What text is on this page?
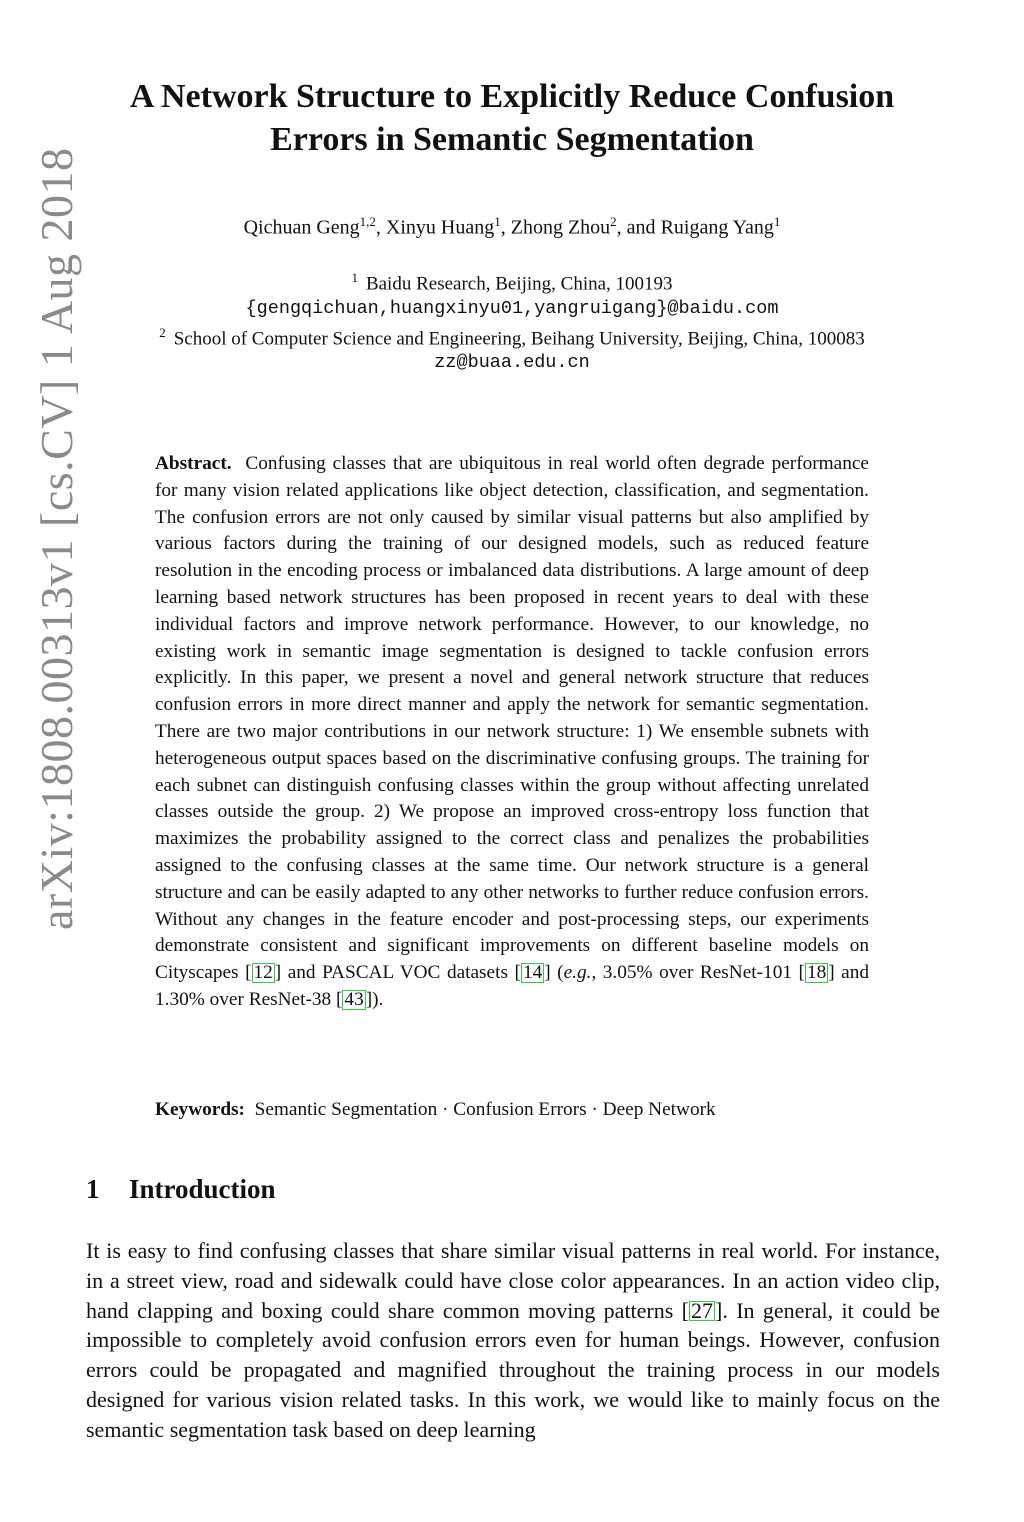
arXiv:1808.00313v1 [cs.CV] 1 Aug 2018
A Network Structure to Explicitly Reduce Confusion Errors in Semantic Segmentation

Qichuan Geng$^{1,2}$, Xinyu Huang$^1$, Zhong Zhou$^2$, and Ruigang Yang$^1$

$^1$ Baidu Research, Beijing, China, 100193

{gengqichuan,huangxinyu01,yangruigang}@baidu.com

$^2$ School of Computer Science and Engineering, Beihang University, Beijing, China, 100083

zz@buaa.edu.cn

Abstract. Confusing classes that are ubiquitous in real world often degrade performance for many vision related applications like object detection, classification, and segmentation. The confusion errors are not only caused by similar visual patterns but also amplified by various factors during the training of our designed models, such as reduced feature resolution in the encoding process or imbalanced data distributions. A large amount of deep learning based network structures has been proposed in recent years to deal with these individual factors and improve network performance. However, to our knowledge, no existing work in semantic image segmentation is designed to tackle confusion errors explicitly. In this paper, we present a novel and general network structure that reduces confusion errors in more direct manner and apply the network for semantic segmentation. There are two major contributions in our network structure: 1) We ensemble subnets with heterogeneous output spaces based on the discriminative confusing groups. The training for each subnet can distinguish confusing classes within the group without affecting unrelated classes outside the group. 2) We propose an improved cross-entropy loss function that maximizes the probability assigned to the correct class and penalizes the probabilities assigned to the confusing classes at the same time. Our network structure is a general structure and can be easily adapted to any other networks to further reduce confusion errors. Without any changes in the feature encoder and post-processing steps, our experiments demonstrate consistent and significant improvements on different baseline models on Cityscapes [ 12 ] and PASCAL VOC datasets [ 14 ] (e.g., 3.05% over ResNet-101 [ 18 ] and 1.30% over ResNet-38 [ 43 ]).

Keywords: Semantic Segmentation · Confusion Errors · Deep Network

1 Introduction

It is easy to find confusing classes that share similar visual patterns in real world. For instance, in a street view, road and sidewalk could have close color appearances. In an action video clip, hand clapping and boxing could share common moving patterns [27]. In general, it could be impossible to completely avoid confusion errors even for human beings. However, confusion errors could be propagated and magnified throughout the training process in our models designed for various vision related tasks. In this work, we would like to mainly focus on the semantic segmentation task based on deep learning
